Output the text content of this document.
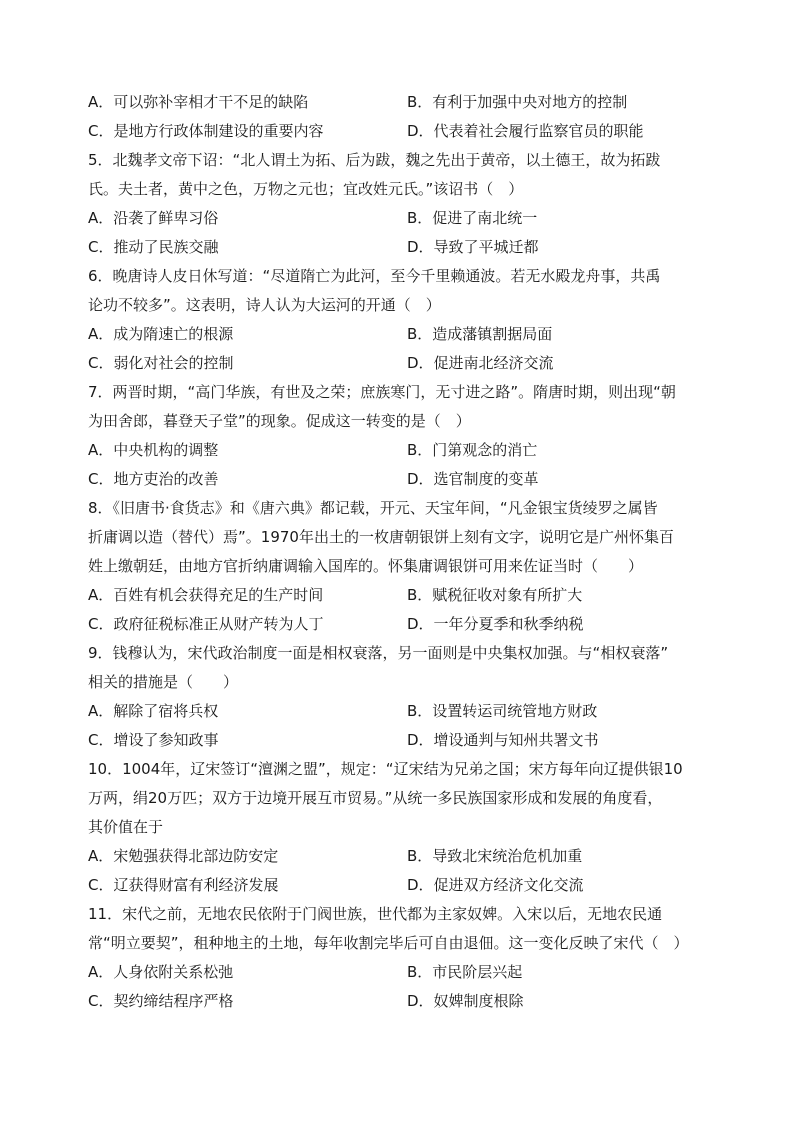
A．可以弥补宰相才干不足的缺陷	B．有利于加强中央对地方的控制
C．是地方行政体制建设的重要内容	D．代表着社会履行监察官员的职能
5．北魏孝文帝下诏：“北人谓土为拓、后为跋，魏之先出于黄帝，以土德王，故为拓跋
氏。夫土者，黄中之色，万物之元也；宜改姓元氏。”该诏书（　）
A．沿袭了鲜卑习俗	B．促进了南北统一
C．推动了民族交融	D．导致了平城迁都
6．晚唐诗人皮日休写道：“尽道隋亡为此河，至今千里赖通波。若无水殿龙舟事，共禹
论功不较多”。这表明，诗人认为大运河的开通（　）
A．成为隋速亡的根源	B．造成藩镇割据局面
C．弱化对社会的控制	D．促进南北经济交流
7．两晋时期，“高门华族，有世及之荣；庶族寒门，无寸进之路”。隋唐时期，则出现“朝
为田舍郎，暮登天子堂”的现象。促成这一转变的是（　）
A．中央机构的调整	B．门第观念的消亡
C．地方吏治的改善	D．选官制度的变革
8．《旧唐书·食货志》和《唐六典》都记载，开元、天宝年间，“凡金银宝货绫罗之属皆
折庸调以造（替代）焉”。1970年出土的一枚唐朝银饼上刻有文字，说明它是广州怀集百
姓上缴朝廷，由地方官折纳庸调输入国库的。怀集庸调银饼可用来佐证当时（　　）
A．百姓有机会获得充足的生产时间	B．赋税征收对象有所扩大
C．政府征税标准正从财产转为人丁	D．一年分夏季和秋季纳税
9．钱穆认为，宋代政治制度一面是相权衰落，另一面则是中央集权加强。与“相权衰落”
相关的措施是（　　）
A．解除了宿将兵权	B．设置转运司统管地方财政
C．增设了参知政事	D．增设通判与知州共署文书
10．1004年，辽宋签订“澶渊之盟”，规定：“辽宋结为兄弟之国；宋方每年向辽提供银10
万两，绢20万匹；双方于边境开展互市贸易。”从统一多民族国家形成和发展的角度看，
其价值在于
A．宋勉强获得北部边防安定	B．导致北宋统治危机加重
C．辽获得财富有利经济发展	D．促进双方经济文化交流
11．宋代之前，无地农民依附于门阀世族，世代都为主家奴婢。入宋以后，无地农民通
常“明立要契”，租种地主的土地，每年收割完毕后可自由退佃。这一变化反映了宋代（　）
A．人身依附关系松弛	B．市民阶层兴起
C．契约缔结程序严格	D．奴婢制度根除
